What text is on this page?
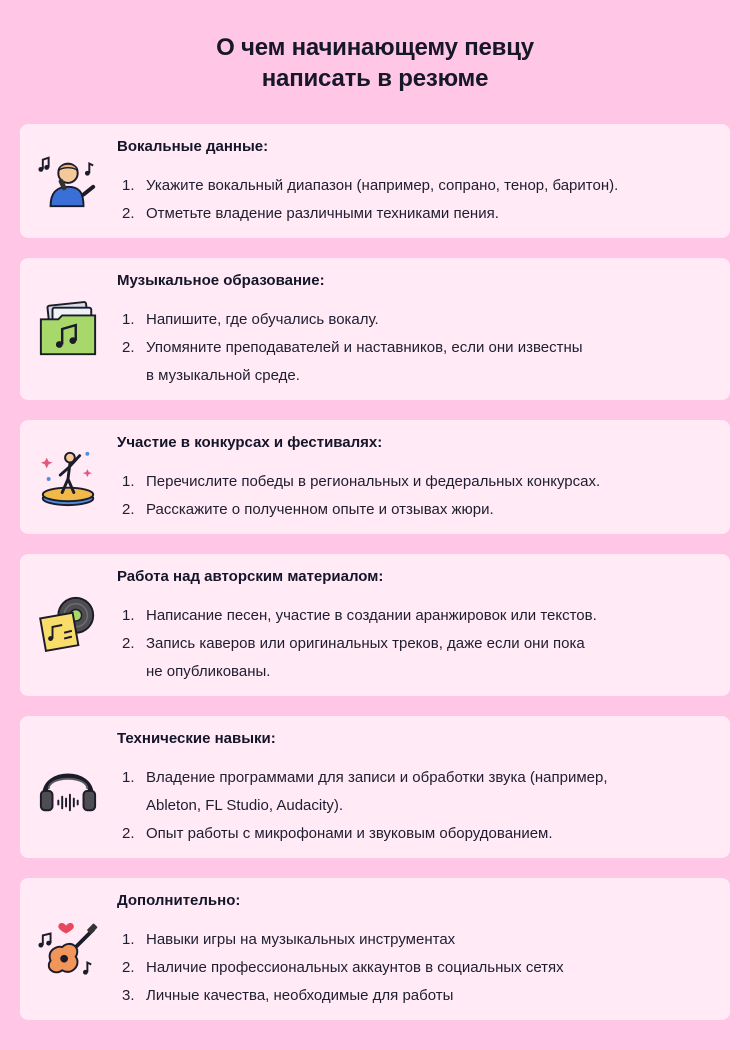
О чем начинающему певцу
написать в резюме
Вокальные данные:
1. Укажите вокальный диапазон (например, сопрано, тенор, баритон).
2. Отметьте владение различными техниками пения.
Музыкальное образование:
1. Напишите, где обучались вокалу.
2. Упомяните преподавателей и наставников, если они известны
в музыкальной среде.
Участие в конкурсах и фестивалях:
1. Перечислите победы в региональных и федеральных конкурсах.
2. Расскажите о полученном опыте и отзывах жюри.
Работа над авторским материалом:
1. Написание песен, участие в создании аранжировок или текстов.
2. Запись каверов или оригинальных треков, даже если они пока
не опубликованы.
Технические навыки:
1. Владение программами для записи и обработки звука (например,
Ableton, FL Studio, Audacity).
2. Опыт работы с микрофонами и звуковым оборудованием.
Дополнительно:
1. Навыки игры на музыкальных инструментах
2. Наличие профессиональных аккаунтов в социальных сетях
3. Личные качества, необходимые для работы
